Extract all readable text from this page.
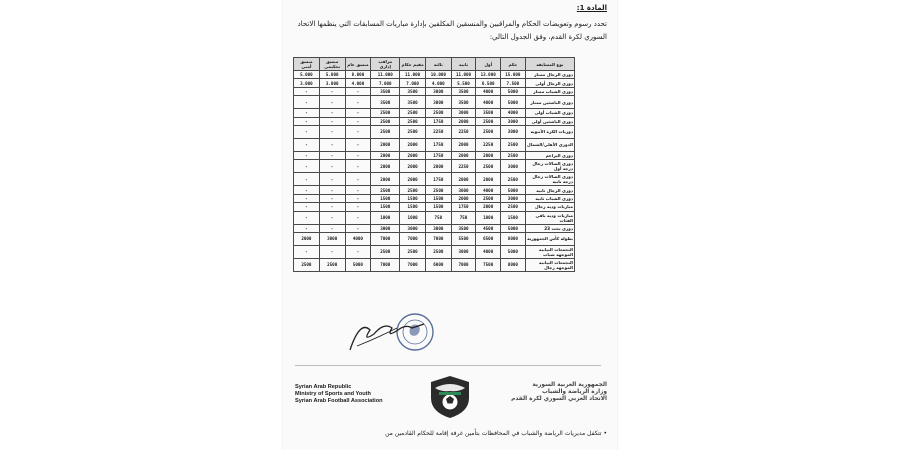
المادة 1:
تحدد رسوم وتعويضات الحكام والمراقبين والمنسقين المكلفين بإدارة مباريات المسابقات التي ينظمها الاتحاد السوري لكرة القدم، وفق الجدول التالي:
نوع المسابقة	حكم	أول	ثانية	ثالثة	مقيم حكام	مراقب إداري	منسق عام	منسق تحكيمي	منسق أمني
دوري الرجال ممتاز	15.000	13.000	11.000	10.000	11.000	11.000	8.000	5.000	5.000
دوري الرجال أولى	7.500	6.500	5.500	4.000	7.000	7.000	4.000	3.000	3.000
دوري الشباب ممتاز	5000	4000	3500	3000	3500	3500	-	-	-
دوري الناشئين ممتاز	5000	4000	3500	3000	3500	3500	-	-	-
دوري الشباب أولى	4000	3500	3000	2500	2500	2500	-	-	-
دوري الناشئين أولى	3000	2500	2000	1750	2500	2500	-	-	-
دوريات الكرة الأنثوية	3000	2500	2250	2250	2500	2500	-	-	-
الدوري الأهلي/الشمال	2500	2250	2000	1750	2000	2000	-	-	-
دوري البراعم	2500	2000	2000	1750	2000	2000	-	-	-
دوري الصالات رجال درجة أول	3000	2500	2250	2000	2000	2000	-	-	-
دوري الصالات رجال درجة ثانية	2500	2000	2000	1750	2000	2000	-	-	-
دوري الرجال ثانية	5000	4000	3000	2500	2500	2500	-	-	-
دوري الشباب ثانية	3000	2500	2000	1500	1500	1500	-	-	-
مباريات ودية رجال	2500	2000	1750	1500	1500	1500	-	-	-
مباريات ودية باقي الفئات	1500	1000	750	750	1000	1000	-	-	-
دوري تحت 23	5000	4500	3500	3000	3000	3000	-	-	-
بطولة كأس الجمهورية	8000	6500	5500	7000	7000	7000	4000	3000	2000
التجمعات البيانية الموجهة شباب	5000	4000	3000	2500	2500	2500	-	-	-
التجمعات البيانية الموجهة رجال	8000	7500	7000	6000	7000	7000	5000	2500	2500
Syrian Arab Republic
Ministry of Sports and Youth
Syrian Arab Football Association
الجمهورية العربية السورية
وزارة الرياضة والشباب
الاتحاد العربي السوري لكرة القدم
• تتكفل مديريات الرياضة والشباب في المحافظات بتأمين غرفة إقامة للحكام القادمين من
